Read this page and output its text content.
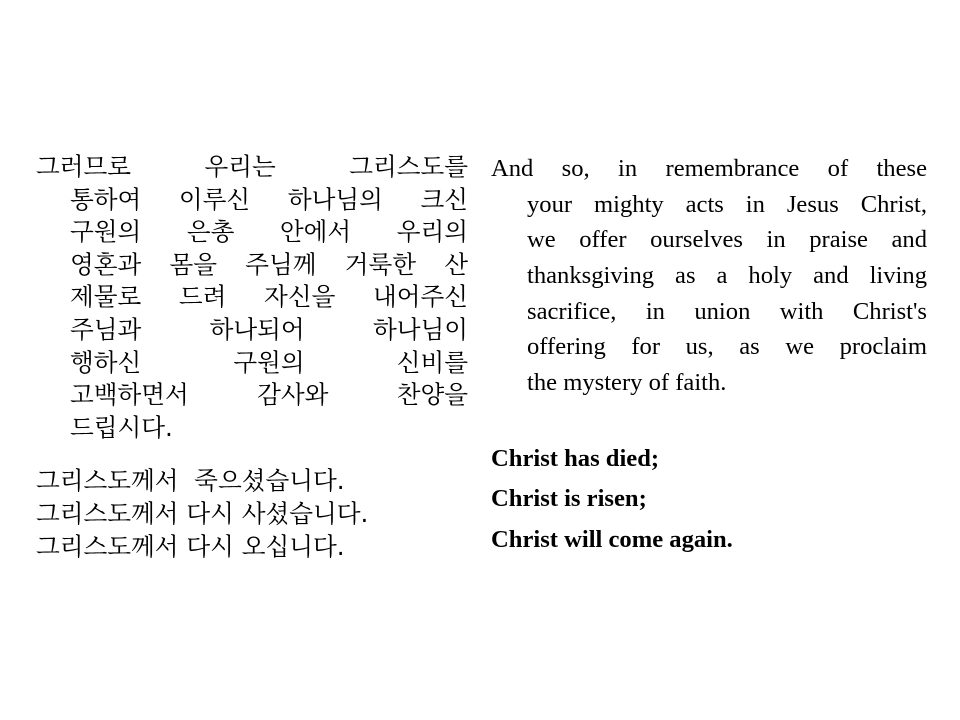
그러므로 우리는 그리스도를
통하여 이루신 하나님의 크신
구원의 은총 안에서 우리의
영혼과 몸을 주님께 거룩한 산
제물로 드려 자신을 내어주신
주님과 하나되어 하나님이
행하신 구원의 신비를
고백하면서 감사와 찬양을
드립시다.
그리스도께서  죽으셨습니다.
그리스도께서 다시 사셨습니다.
그리스도께서 다시 오십니다.
And so, in remembrance of these
your mighty acts in Jesus Christ,
we offer ourselves in praise and
thanksgiving as a holy and living
sacrifice, in union with Christ's
offering for us, as we proclaim
the mystery of faith.
Christ has died;
Christ is risen;
Christ will come again.
